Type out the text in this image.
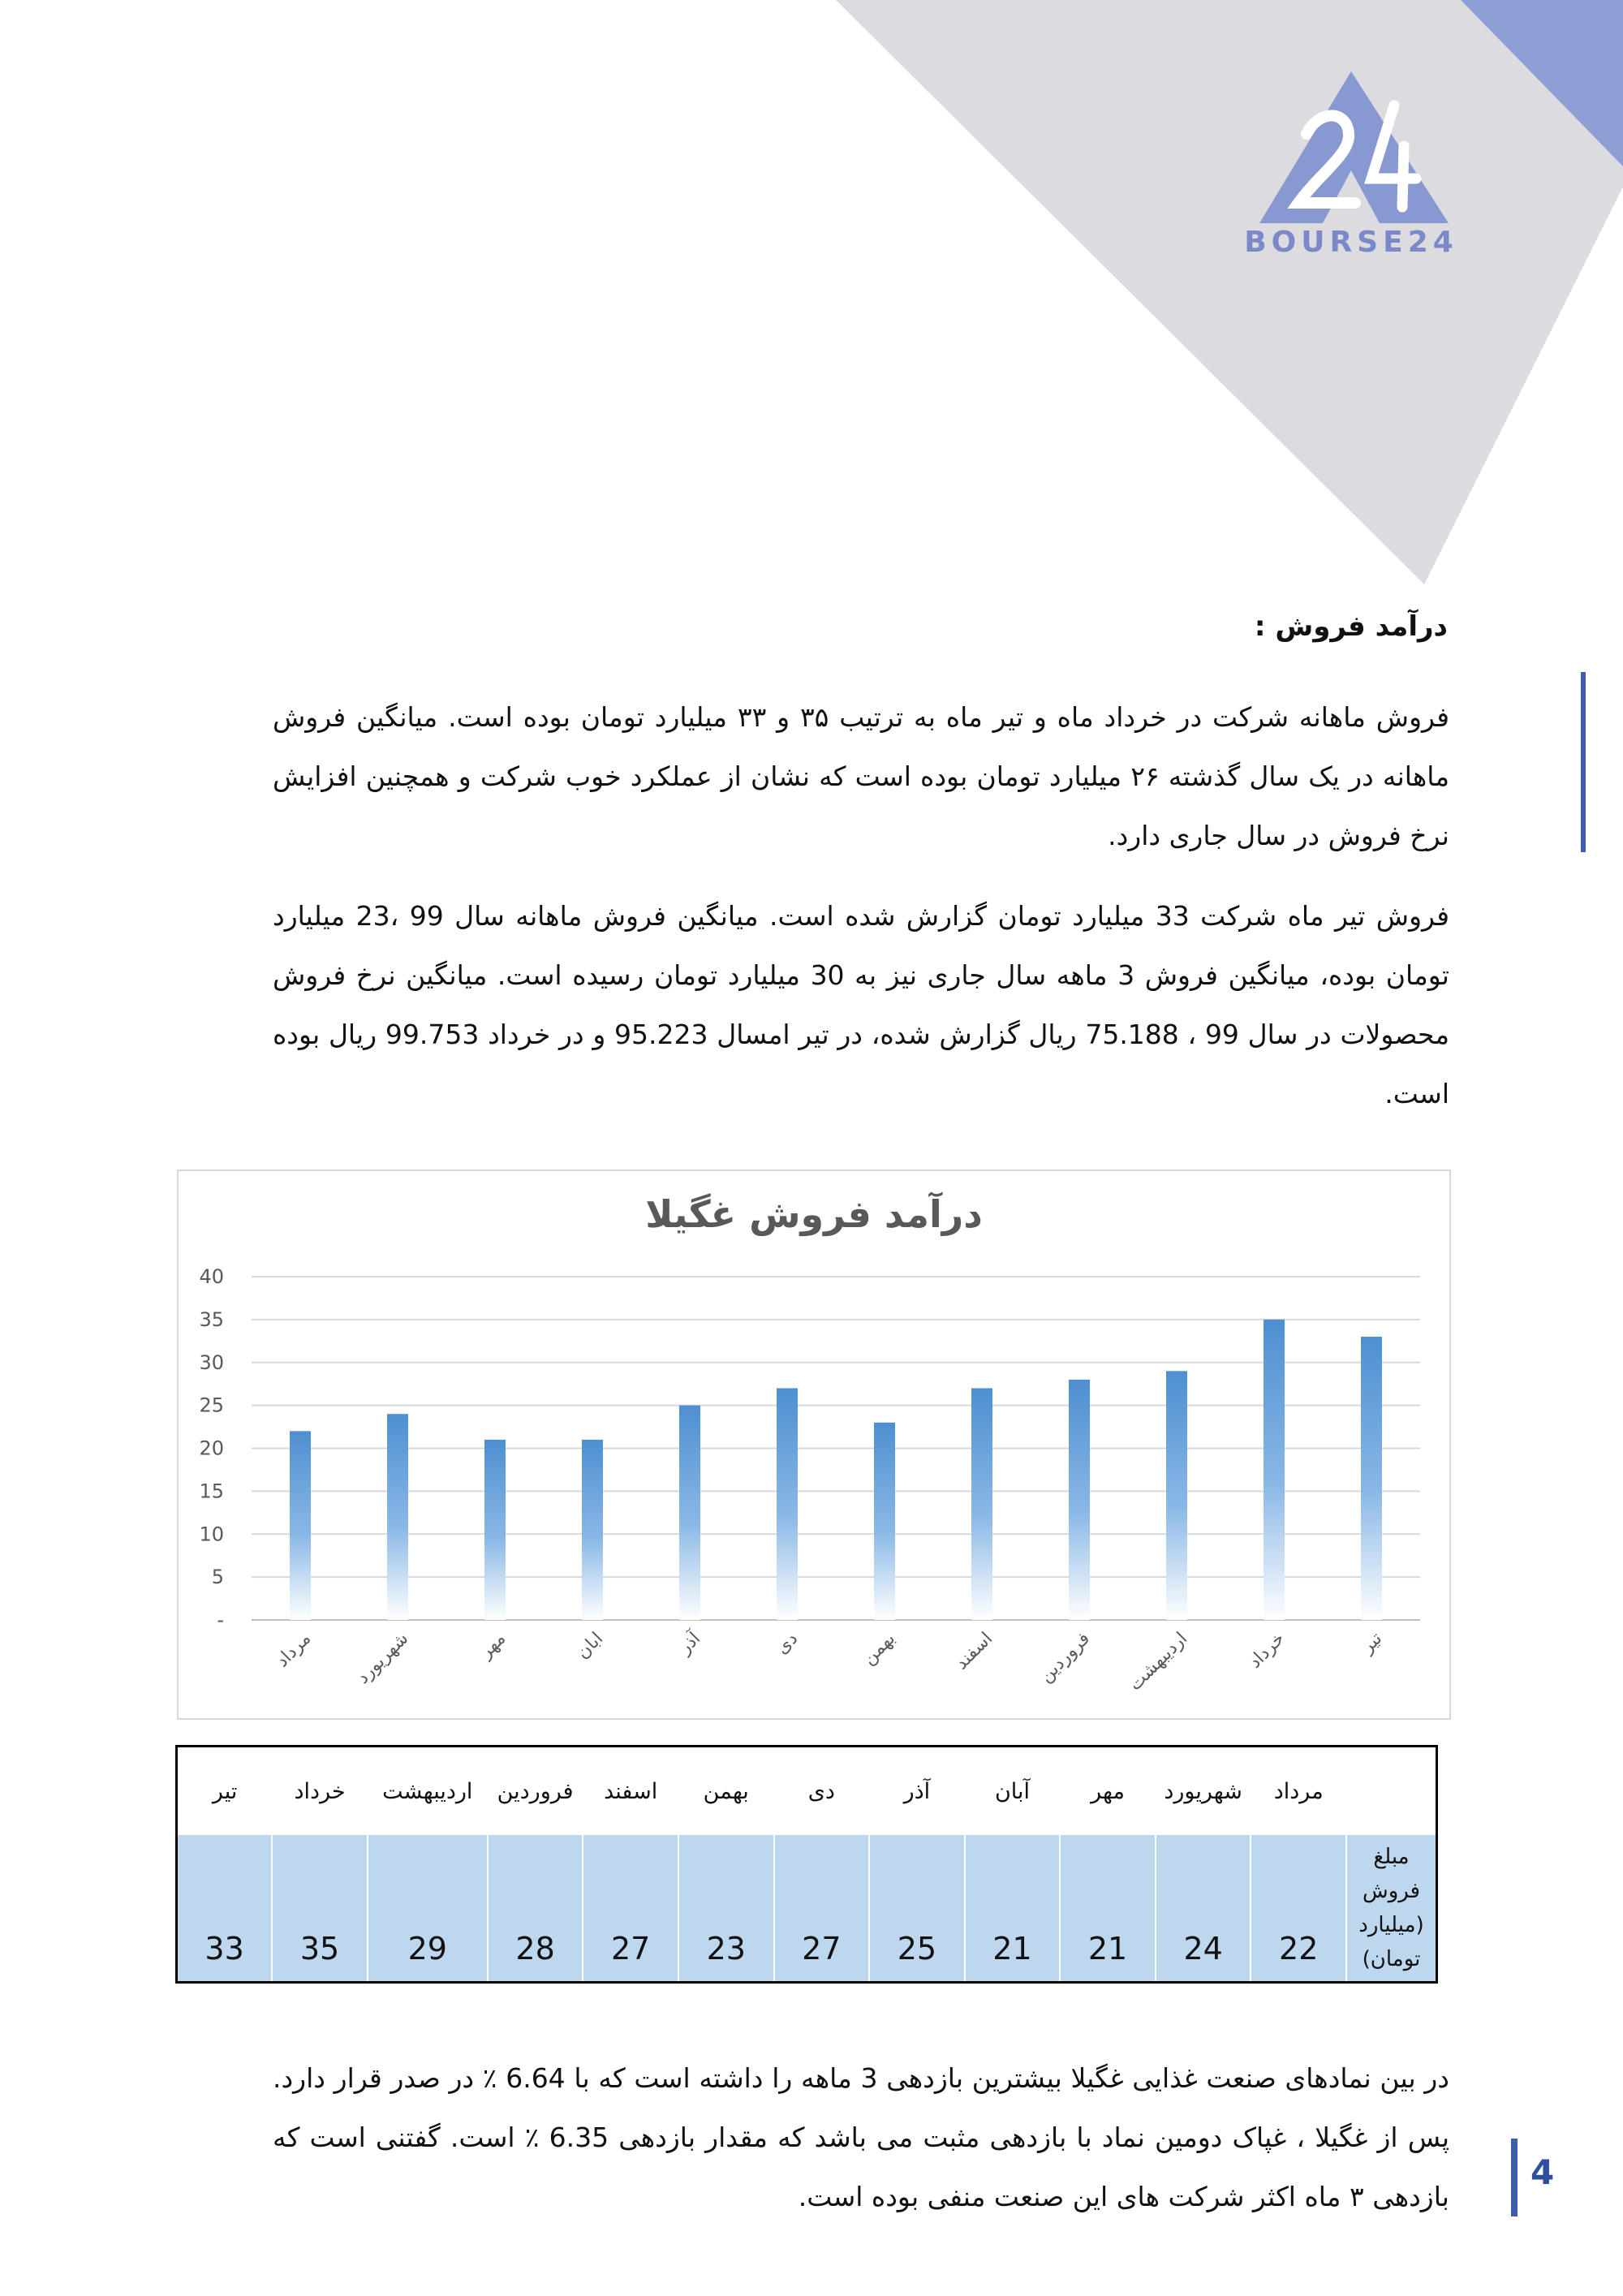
BOURSE24
درآمد فروش :
فروش ماهانه شرکت در خرداد ماه و تیر ماه به ترتیب ۳۵ و ۳۳ میلیارد تومان بوده است. میانگین فروش ماهانه در یک سال گذشته ۲۶ میلیارد تومان بوده است که نشان از عملکرد خوب شرکت و همچنین افزایش نرخ فروش در سال جاری دارد.
فروش تیر ماه شرکت 33 میلیارد تومان گزارش شده است. میانگین فروش ماهانه سال 99 ،23 میلیارد تومان بوده، میانگین فروش 3 ماهه سال جاری نیز به 30 میلیارد تومان رسیده است. میانگین نرخ فروش محصولات در سال 99 ، 75.188 ریال گزارش شده، در تیر امسال 95.223 و در خرداد 99.753 ریال بوده است.
درآمد فروش غگیلا
-
5
10
15
20
25
30
35
40
مرداد شهریورد	مهر	ابان	آذر	دی	بهمن	اسفند فروردین اردیبهشت	خرداد	تیر
	مرداد	شهریورد	مهر	آبان	آذر	دی	بهمن	اسفند	فروردین	اردیبهشت	خرداد	تیر
مبلغ فروش (میلیارد تومان)	22	24	21	21	25	27	23	27	28	29	35	33
در بین نمادهای صنعت غذایی غگیلا بیشترین بازدهی 3 ماهه را داشته است که با 6.64 ٪ در صدر قرار دارد. پس از غگیلا ، غپاک دومین نماد با بازدهی مثبت می باشد که مقدار بازدهی 6.35 ٪ است. گفتنی است که بازدهی ۳ ماه اکثر شرکت های این صنعت منفی بوده است.
4
